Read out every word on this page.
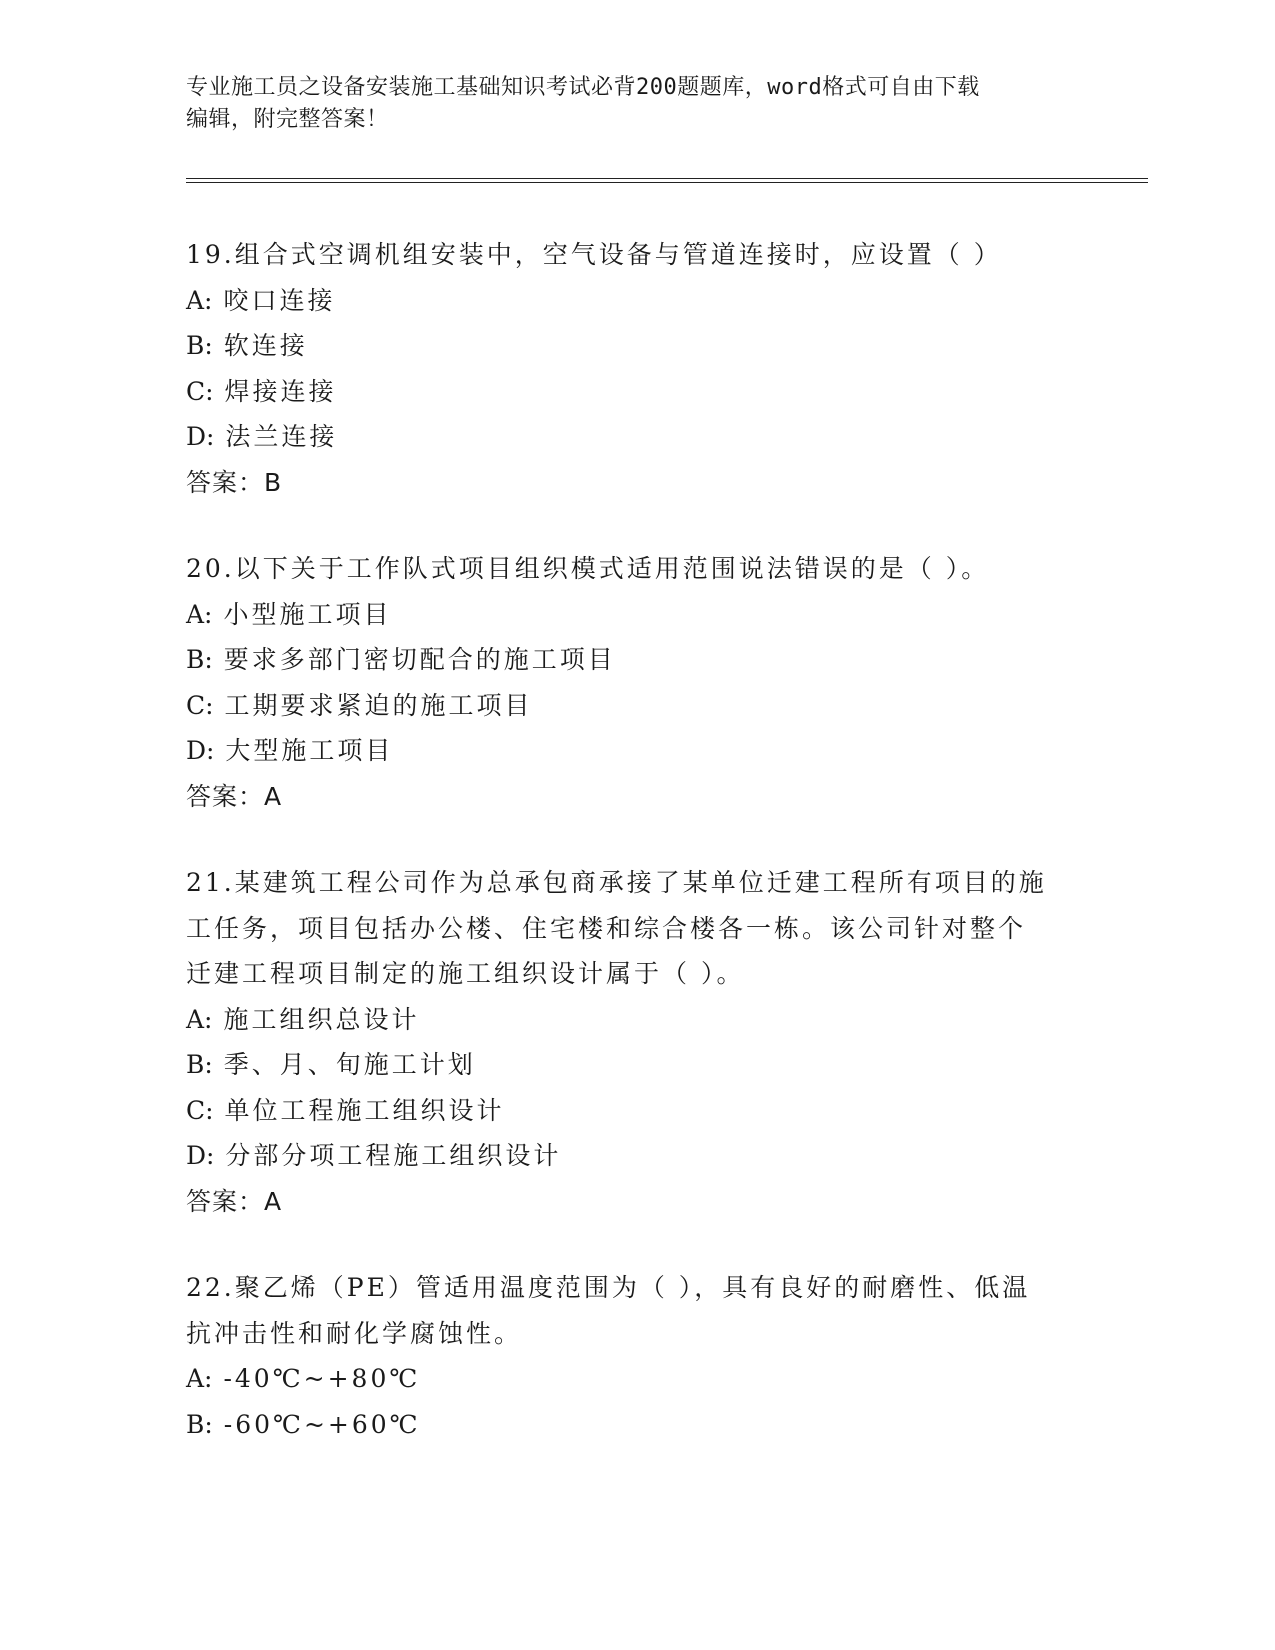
专业施工员之设备安装施工基础知识考试必背200题题库，word格式可自由下载
编辑，附完整答案！
19.组合式空调机组安装中，空气设备与管道连接时，应设置（ ）
A: 咬口连接
B: 软连接
C: 焊接连接
D: 法兰连接
答案：B
20.以下关于工作队式项目组织模式适用范围说法错误的是（ ）。
A: 小型施工项目
B: 要求多部门密切配合的施工项目
C: 工期要求紧迫的施工项目
D: 大型施工项目
答案：A
21.某建筑工程公司作为总承包商承接了某单位迁建工程所有项目的施
工任务，项目包括办公楼、住宅楼和综合楼各一栋。该公司针对整个
迁建工程项目制定的施工组织设计属于（ ）。
A: 施工组织总设计
B: 季、月、旬施工计划
C: 单位工程施工组织设计
D: 分部分项工程施工组织设计
答案：A
22.聚乙烯（PE）管适用温度范围为（ ），具有良好的耐磨性、低温
抗冲击性和耐化学腐蚀性。
A: -40℃~+80℃
B: -60℃~+60℃
